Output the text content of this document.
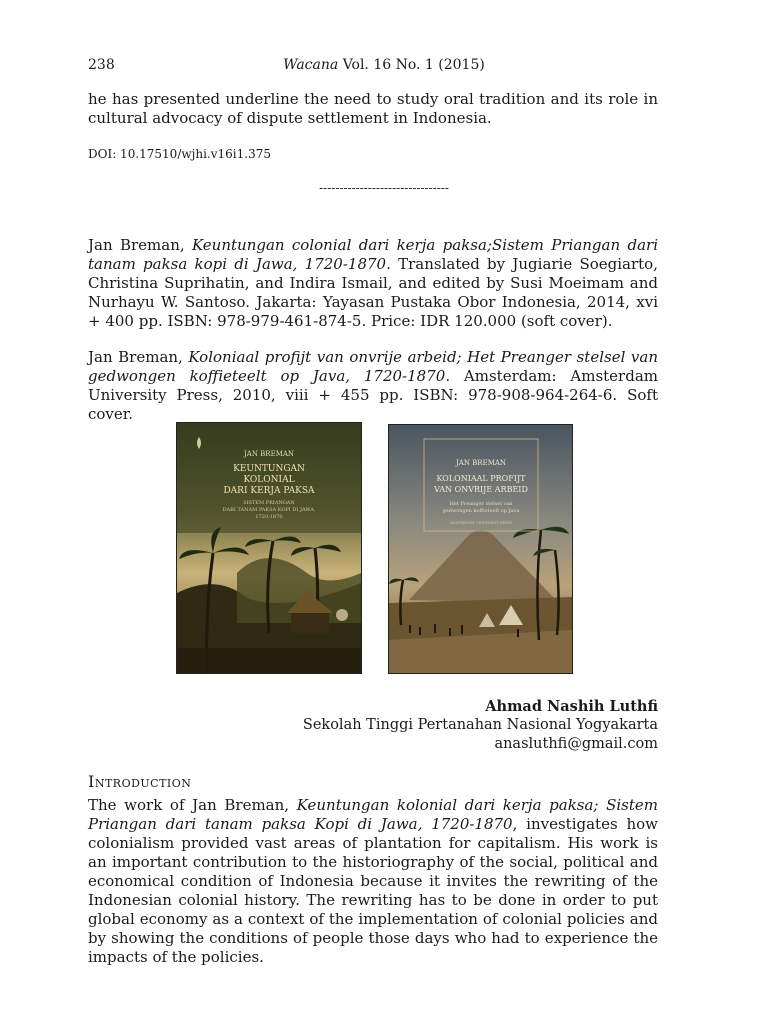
238	Wacana Vol. 16 No. 1 (2015)
he has presented underline the need to study oral tradition and its role in cultural advocacy of dispute settlement in Indonesia.
DOI: 10.17510/wjhi.v16i1.375
--------------------------------
Jan Breman, Keuntungan colonial dari kerja paksa;Sistem Priangan dari tanam paksa kopi di Jawa, 1720-1870. Translated by Jugiarie Soegiarto, Christina Suprihatin, and Indira Ismail, and edited by Susi Moeimam and Nurhayu W. Santoso. Jakarta: Yayasan Pustaka Obor Indonesia, 2014, xvi + 400 pp. ISBN: 978-979-461-874-5. Price: IDR 120.000 (soft cover).
Jan Breman, Koloniaal profijt van onvrije arbeid; Het Preanger stelsel van gedwongen koffieteelt op Java, 1720-1870. Amsterdam: Amsterdam University Press, 2010, viii + 455 pp. ISBN: 978-908-964-264-6. Soft cover.
JAN BREMAN
KEUNTUNGAN
KOLONIAL
DARI KERJA PAKSA
SISTEM PRIANGAN
DARI TANAM PAKSA KOPI DI JAWA,
1720-1870
JAN BREMAN
KOLONIAAL PROFIJT
VAN ONVRIJE ARBEID
Het Preanger stelsel van
gedwongen koffieteelt op Java
AMSTERDAM UNIVERSITY PRESS
Ahmad Nashih Luthfi
Sekolah Tinggi Pertanahan Nasional Yogyakarta
anasluthfi@gmail.com
Introduction
The work of Jan Breman, Keuntungan kolonial dari kerja paksa; Sistem Priangan dari tanam paksa Kopi di Jawa, 1720-1870, investigates how colonialism provided vast areas of plantation for capitalism. His work is an important contribution to the historiography of the social, political and economical condition of Indonesia because it invites the rewriting of the Indonesian colonial history. The rewriting has to be done in order to put global economy as a context of the implementation of colonial policies and by showing the conditions of people those days who had to experience the impacts of the policies.
